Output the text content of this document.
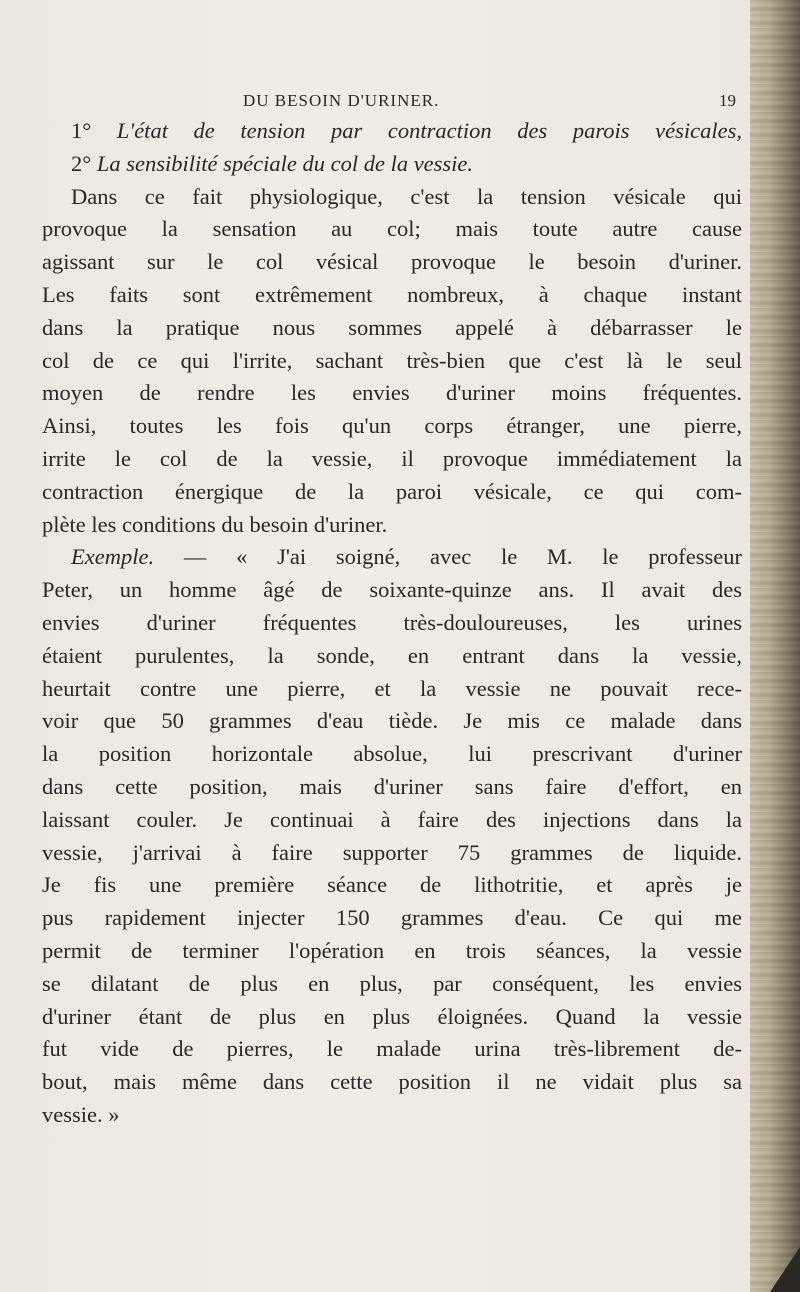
DU BESOIN D'URINER.	19
1° L'état de tension par contraction des parois vésicales,
2° La sensibilité spéciale du col de la vessie.
Dans ce fait physiologique, c'est la tension vésicale qui
provoque la sensation au col; mais toute autre cause
agissant sur le col vésical provoque le besoin d'uriner.
Les faits sont extrêmement nombreux, à chaque instant
dans la pratique nous sommes appelé à débarrasser le
col de ce qui l'irrite, sachant très-bien que c'est là le seul
moyen de rendre les envies d'uriner moins fréquentes.
Ainsi, toutes les fois qu'un corps étranger, une pierre,
irrite le col de la vessie, il provoque immédiatement la
contraction énergique de la paroi vésicale, ce qui com-
plète les conditions du besoin d'uriner.
Exemple. — « J'ai soigné, avec le M. le professeur
Peter, un homme âgé de soixante-quinze ans. Il avait des
envies d'uriner fréquentes très-douloureuses, les urines
étaient purulentes, la sonde, en entrant dans la vessie,
heurtait contre une pierre, et la vessie ne pouvait rece-
voir que 50 grammes d'eau tiède. Je mis ce malade dans
la position horizontale absolue, lui prescrivant d'uriner
dans cette position, mais d'uriner sans faire d'effort, en
laissant couler. Je continuai à faire des injections dans la
vessie, j'arrivai à faire supporter 75 grammes de liquide.
Je fis une première séance de lithotritie, et après je
pus rapidement injecter 150 grammes d'eau. Ce qui me
permit de terminer l'opération en trois séances, la vessie
se dilatant de plus en plus, par conséquent, les envies
d'uriner étant de plus en plus éloignées. Quand la vessie
fut vide de pierres, le malade urina très-librement de-
bout, mais même dans cette position il ne vidait plus sa
vessie. »
